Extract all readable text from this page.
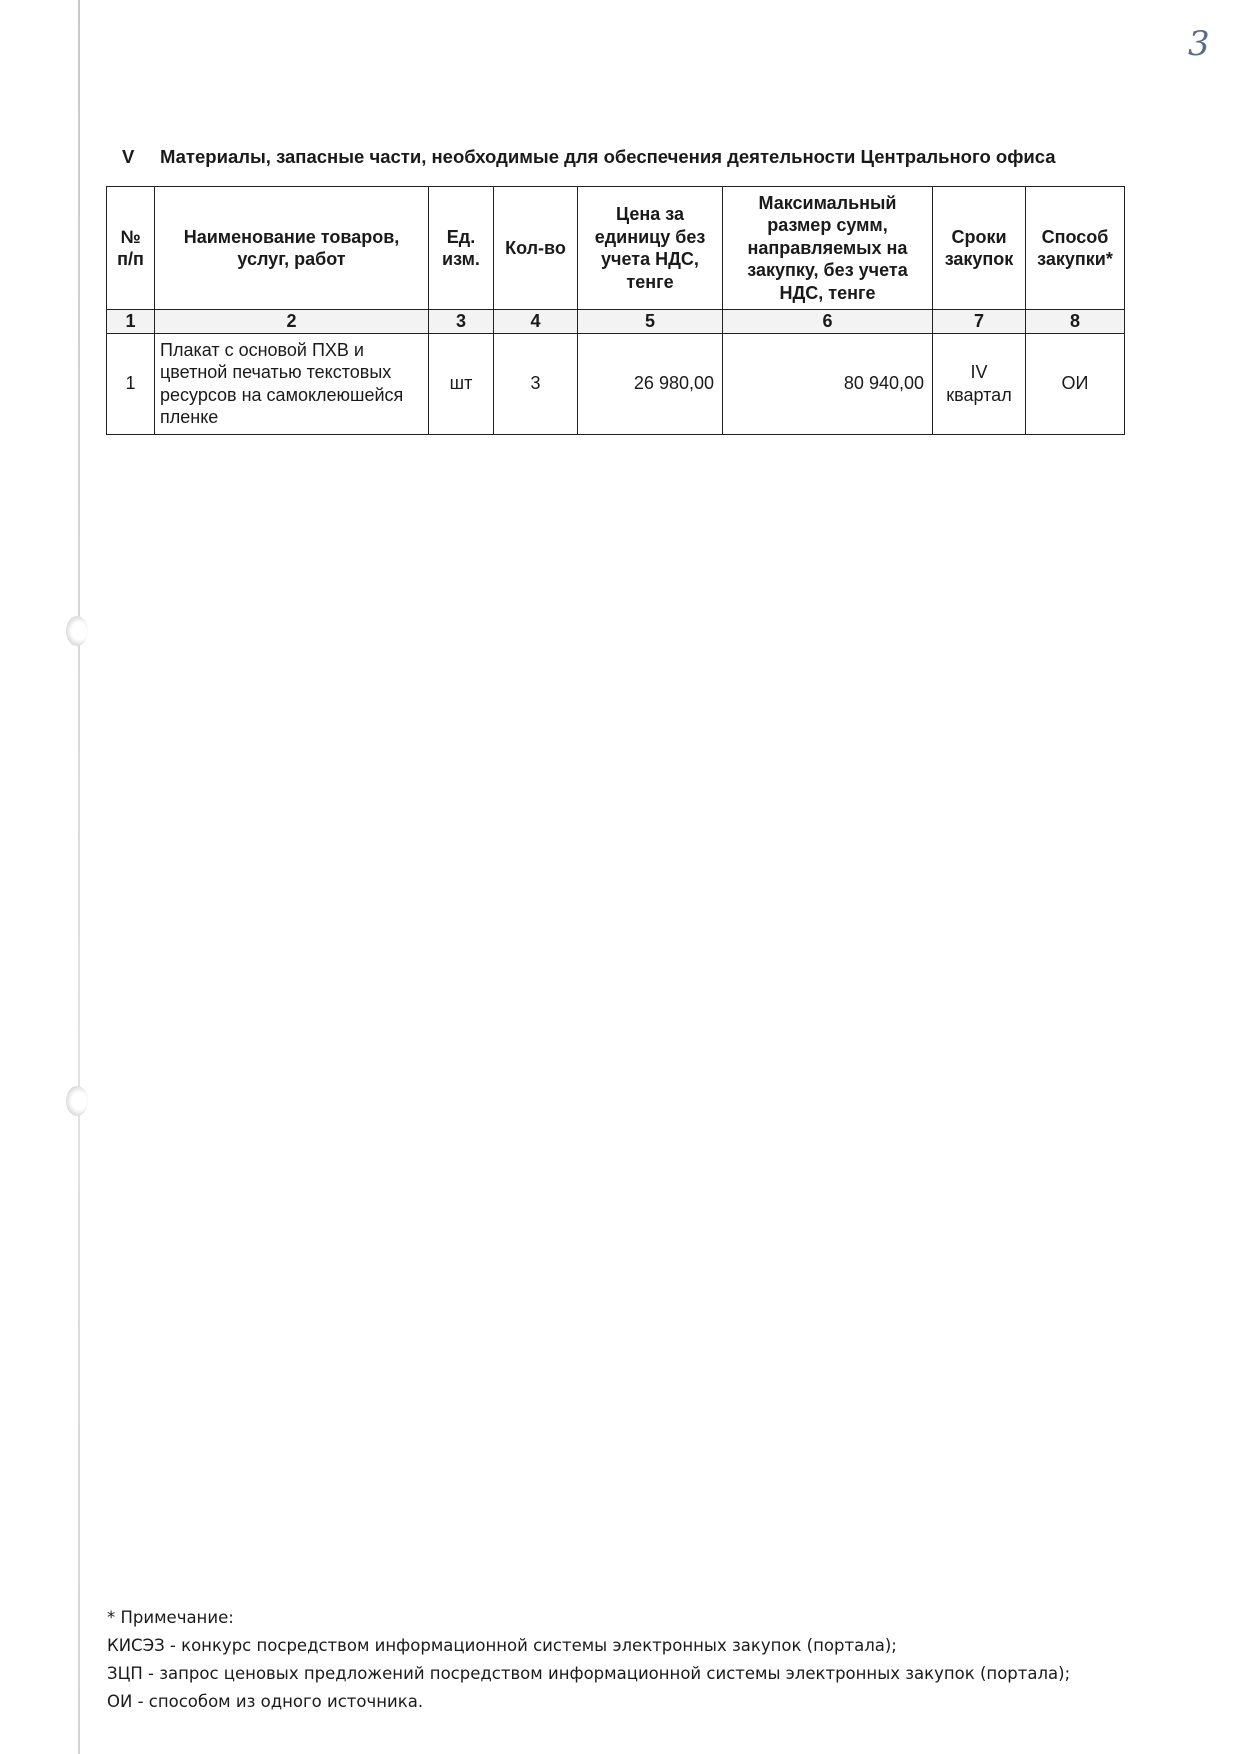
3
V Материалы, запасные части, необходимые для обеспечения деятельности Центрального офиса
№ п/п	Наименование товаров, услуг, работ	Ед. изм.	Кол-во	Цена за единицу без учета НДС, тенге	Максимальный размер сумм, направляемых на закупку, без учета НДС, тенге	Сроки закупок	Способ закупки*
1	2	3	4	5	6	7	8
1	Плакат с основой ПХВ и цветной печатью текстовых ресурсов на самоклеюшейся пленке	шт	3	26 980,00	80 940,00	IV квартал	ОИ
* Примечание:
КИСЭЗ - конкурс посредством информационной системы электронных закупок (портала);
ЗЦП - запрос ценовых предложений посредством информационной системы электронных закупок (портала);
ОИ - способом из одного источника.
